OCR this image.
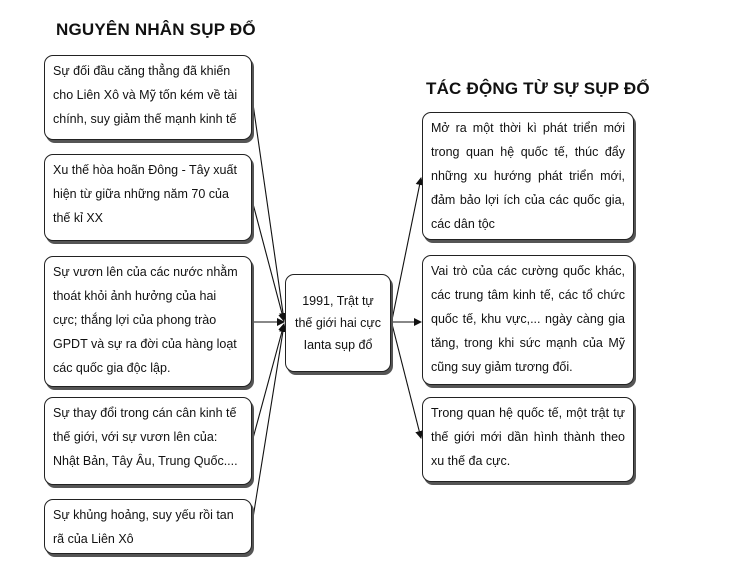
NGUYÊN NHÂN SỤP ĐỔ
TÁC ĐỘNG TỪ SỰ SỤP ĐỔ
Sự đối đầu căng thẳng đã khiến cho Liên Xô và Mỹ tốn kém về tài chính, suy giảm thế mạnh kinh tế
Xu thế hòa hoãn Đông - Tây xuất hiện từ giữa những năm 70 của thế kỉ XX
Sự vươn lên của các nước nhằm thoát khỏi ảnh hưởng của hai cực; thắng lợi của phong trào GPDT và sự ra đời của hàng loạt các quốc gia độc lập.
Sự thay đổi trong cán cân kinh tế thế giới, với sự vươn lên của: Nhật Bản, Tây Âu, Trung Quốc....
Sự khủng hoảng, suy yếu rồi tan rã của Liên Xô
1991, Trật tự thế giới hai cực Ianta sụp đổ
Mở ra một thời kì phát triển mới trong quan hệ quốc tế, thúc đẩy những xu hướng phát triển mới, đảm bảo lợi ích của các quốc gia, các dân tộc
Vai trò của các cường quốc khác, các trung tâm kinh tế, các tổ chức quốc tế, khu vực,... ngày càng gia tăng, trong khi sức mạnh của Mỹ cũng suy giảm tương đối.
Trong quan hệ quốc tế, một trật tự thế giới mới dần hình thành theo xu thế đa cực.
